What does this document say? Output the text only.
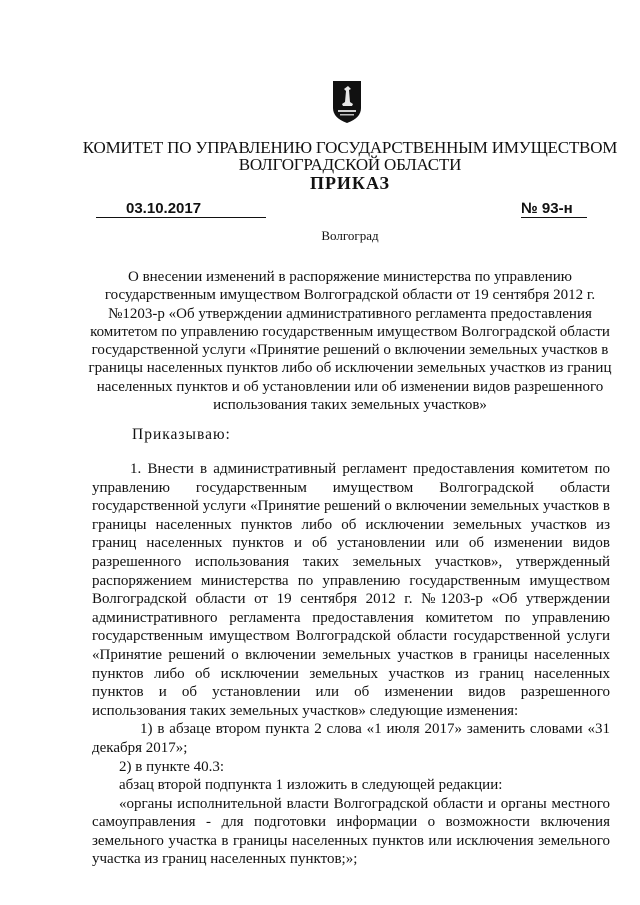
КОМИТЕТ ПО УПРАВЛЕНИЮ ГОСУДАРСТВЕННЫМ ИМУЩЕСТВОМ
ВОЛГОГРАДСКОЙ ОБЛАСТИ
ПРИКАЗ
03.10.2017	№ 93-н
Волгоград
О внесении изменений в распоряжение министерства по управлению государственным имуществом Волгоградской области от 19 сентября 2012 г. №1203-р «Об утверждении административного регламента предоставления комитетом по управлению государственным имуществом Волгоградской области государственной услуги «Принятие решений о включении земельных участков в границы населенных пунктов либо об исключении земельных участков из границ населенных пунктов и об установлении или об изменении видов разрешенного использования таких земельных участков»
Приказываю:

1. Внести в административный регламент предоставления комитетом по управлению государственным имуществом Волгоградской области государственной услуги «Принятие решений о включении земельных участков в границы населенных пунктов либо об исключении земельных участков из границ населенных пунктов и об установлении или об изменении видов разрешенного использования таких земельных участков», утвержденный распоряжением министерства по управлению государственным имуществом Волгоградской области от 19 сентября 2012 г. №1203-р «Об утверждении административного регламента предоставления комитетом по управлению государственным имуществом Волгоградской области государственной услуги «Принятие решений о включении земельных участков в границы населенных пунктов либо об исключении земельных участков из границ населенных пунктов и об установлении или об изменении видов разрешенного использования таких земельных участков» следующие изменения:

1) в абзаце втором пункта 2 слова «1 июля 2017» заменить словами «31 декабря 2017»;

2) в пункте 40.3:

абзац второй подпункта 1 изложить в следующей редакции:

«органы исполнительной власти Волгоградской области и органы местного самоуправления - для подготовки информации о возможности включения земельного участка в границы населенных пунктов или исключения земельного участка из границ населенных пунктов;»;
